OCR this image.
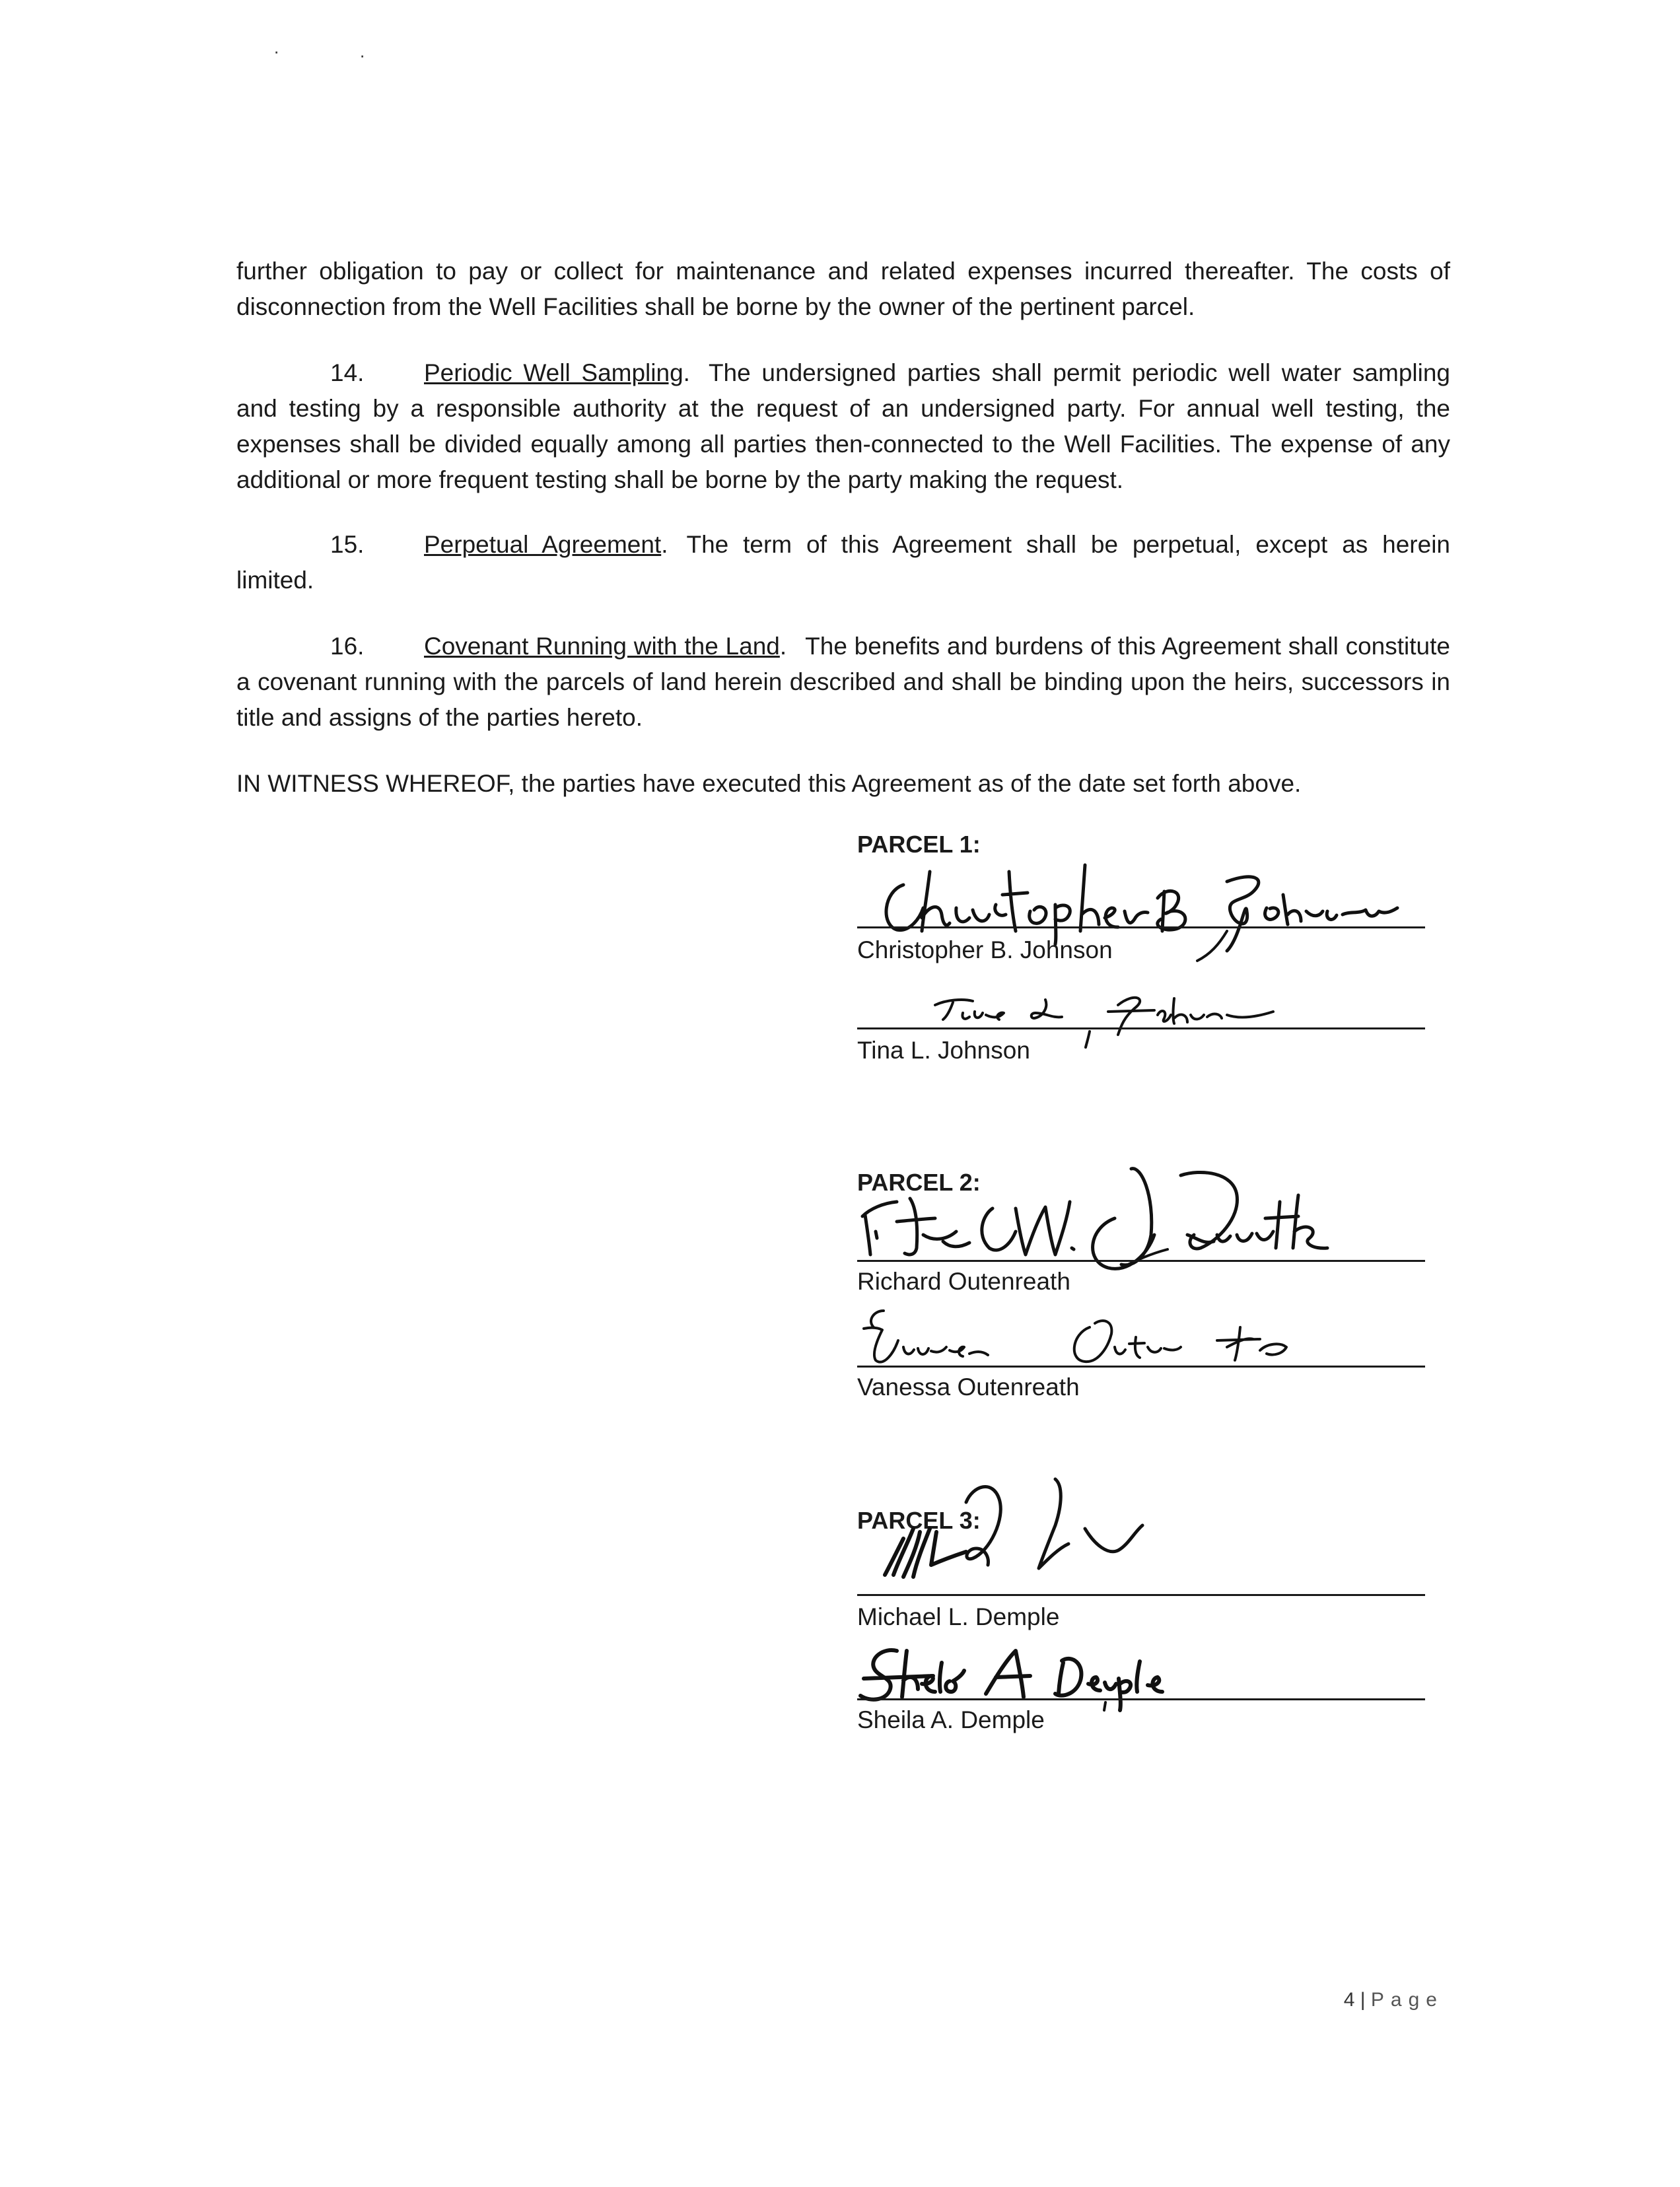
·	·

further obligation to pay or collect for maintenance and related expenses incurred thereafter. The costs of disconnection from the Well Facilities shall be borne by the owner of the pertinent parcel.

14. Periodic Well Sampling. The undersigned parties shall permit periodic well water sampling and testing by a responsible authority at the request of an undersigned party. For annual well testing, the expenses shall be divided equally among all parties then-connected to the Well Facilities. The expense of any additional or more frequent testing shall be borne by the party making the request.

15. Perpetual Agreement. The term of this Agreement shall be perpetual, except as herein limited.

16. Covenant Running with the Land. The benefits and burdens of this Agreement shall constitute a covenant running with the parcels of land herein described and shall be binding upon the heirs, successors in title and assigns of the parties hereto.

IN WITNESS WHEREOF, the parties have executed this Agreement as of the date set forth above.

PARCEL 1:
Christopher B. Johnson
Tina L. Johnson
PARCEL 2:
Richard Outenreath
Vanessa Outenreath
PARCEL 3:
Michael L. Demple
Sheila A. Demple
4 | Page
